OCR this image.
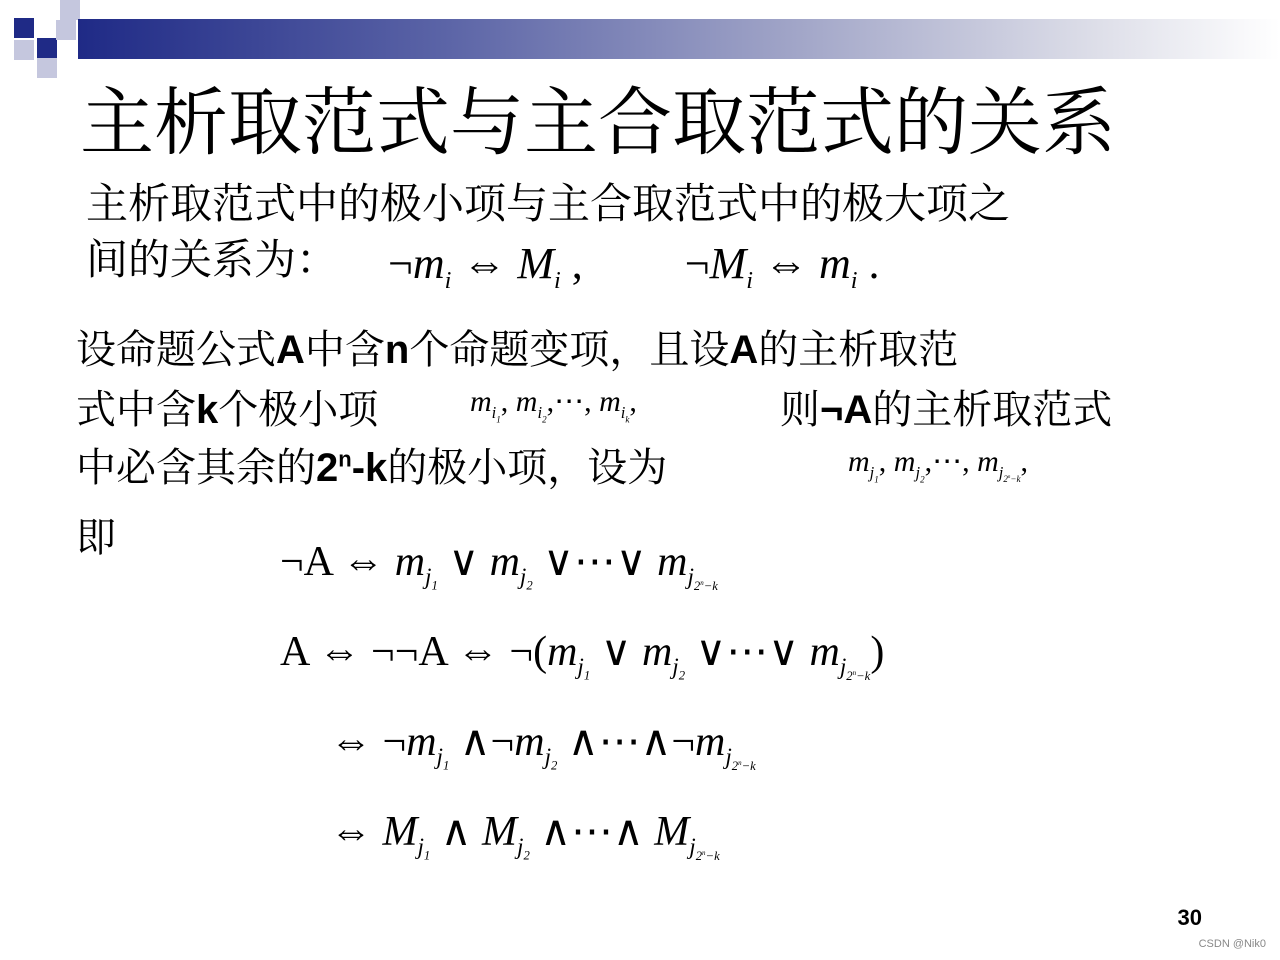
主析取范式与主合取范式的关系
主析取范式中的极小项与主合取范式中的极大项之
间的关系为： $\neg m_i$ ⇔ $M_i$ ,  $\neg M_i$ ⇔ $m_i$ .
设命题公式A中含n个命题变项，且设A的主析取范
式中含k个极小项	$m_{i_1}$, $m_{i_2},\cdots$, $m_{i_k}$,	则¬A的主析取范式
中必含其余的2$^n$-k的极小项，设为	$m_{j_1}$, $m_{j_2},\cdots$, $m_{j_{2^n-k}}$,
即
¬A ⇔ $m_{j_1}$ ∨ $m_{j_2}$ ∨⋯∨ $m_{j_{2^n-k}}$
A ⇔ ¬¬A ⇔ $\neg(m_{j_1}$ ∨ $m_{j_2}$ ∨⋯∨ $m_{j_{2^n-k}}$)
⇔ $\neg m_{j_1}$ $\wedge\neg m_{j_2}$ $\wedge\cdots\wedge\neg m_{j_{2^n-k}}$
⇔ $M_{j_1}$ ∧ $M_{j_2}$ ∧⋯∧ $M_{j_{2^n-k}}$
30
CSDN @Nik0
